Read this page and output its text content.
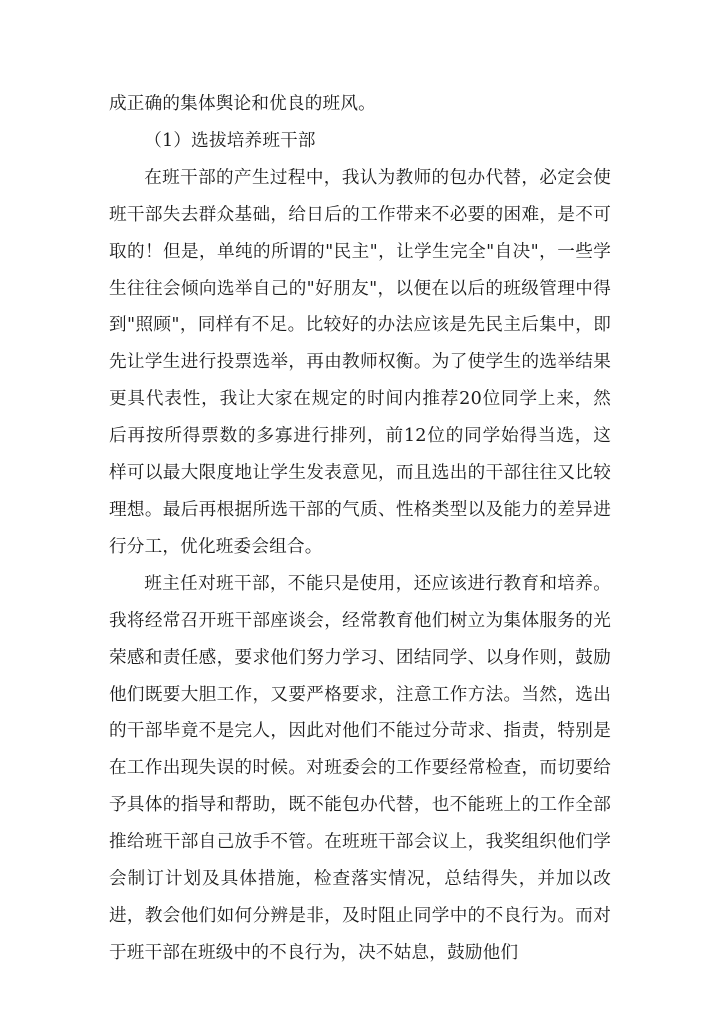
成正确的集体舆论和优良的班风。

（1）选拔培养班干部

在班干部的产生过程中，我认为教师的包办代替，必定会使班干部失去群众基础，给日后的工作带来不必要的困难，是不可取的！但是，单纯的所谓的"民主"，让学生完全"自决"，一些学生往往会倾向选举自己的"好朋友"，以便在以后的班级管理中得到"照顾"，同样有不足。比较好的办法应该是先民主后集中，即先让学生进行投票选举，再由教师权衡。为了使学生的选举结果更具代表性，我让大家在规定的时间内推荐20位同学上来，然后再按所得票数的多寡进行排列，前12位的同学始得当选，这样可以最大限度地让学生发表意见，而且选出的干部往往又比较理想。最后再根据所选干部的气质、性格类型以及能力的差异进行分工，优化班委会组合。

班主任对班干部，不能只是使用，还应该进行教育和培养。我将经常召开班干部座谈会，经常教育他们树立为集体服务的光荣感和责任感，要求他们努力学习、团结同学、以身作则，鼓励他们既要大胆工作，又要严格要求，注意工作方法。当然，选出的干部毕竟不是完人，因此对他们不能过分苛求、指责，特别是在工作出现失误的时候。对班委会的工作要经常检查，而切要给予具体的指导和帮助，既不能包办代替，也不能班上的工作全部推给班干部自己放手不管。在班班干部会议上，我奖组织他们学会制订计划及具体措施，检查落实情况，总结得失，并加以改进，教会他们如何分辨是非，及时阻止同学中的不良行为。而对于班干部在班级中的不良行为，决不姑息，鼓励他们
